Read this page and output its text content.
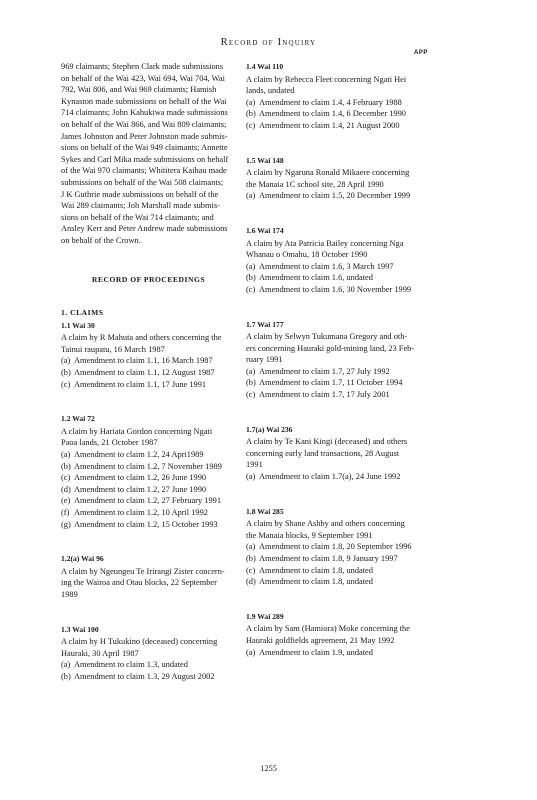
Record of Inquiry
APP
969 claimants; Stephen Clark made submissions
on behalf of the Wai 423, Wai 694, Wai 704, Wai
792, Wai 806, and Wai 969 claimants; Hamish
Kynaston made submissions on behalf of the Wai
714 claimants; John Kahukiwa made submissions
on behalf of the Wai 866, and Wai 809 claimants;
James Johnston and Peter Johnston made submis-
sions on behalf of the Wai 949 claimants; Annette
Sykes and Carl Mika made submissions on behalf
of the Wai 970 claimants; Whititera Kaihau made
submissions on behalf of the Wai 508 claimants;
J K Guthrie made submissions on behalf of the
Wai 289 claimants; Joh Marshall made submis-
sions on behalf of the Wai 714 claimants; and
Ansley Kerr and Peter Andrew made submissions
on behalf of the Crown.
RECORD OF PROCEEDINGS
1. CLAIMS
1.1 Wai 30
A claim by R Mahuta and others concerning the
Tainui raupatu, 16 March 1987
(a) Amendment to claim 1.1, 16 March 1987
(b) Amendment to claim 1.1, 12 August 1987
(c) Amendment to claim 1.1, 17 June 1991
1.2 Wai 72
A claim by Hariata Gordon concerning Ngati
Paoa lands, 21 October 1987
(a) Amendment to claim 1.2, 24 Apri1989
(b) Amendment to claim 1.2, 7 November 1989
(c) Amendment to claim 1.2, 26 June 1990
(d) Amendment to claim 1.2, 27 June 1990
(e) Amendment to claim 1.2, 27 February 1991
(f) Amendment to claim 1.2, 10 April 1992
(g) Amendment to claim 1.2, 15 October 1993
1.2(a) Wai 96
A claim by Ngeungeu Te Irirangi Zister concern-
ing the Wairoa and Otau blocks, 22 September
1989
1.3 Wai 100
A claim by H Tukukino (deceased) concerning
Hauraki, 30 April 1987
(a) Amendment to claim 1.3, undated
(b) Amendment to claim 1.3, 29 August 2002
1.4 Wai 110
A claim by Rebecca Fleet concerning Ngati Hei
lands, undated
(a) Amendment to claim 1.4, 4 February 1988
(b) Amendment to claim 1.4, 6 December 1990
(c) Amendment to claim 1.4, 21 August 2000
1.5 Wai 148
A claim by Ngaruna Ronald Mikaere concerning
the Manaia 1C school site, 28 April 1990
(a) Amendment to claim 1.5, 20 December 1999
1.6 Wai 174
A claim by Ata Patricia Bailey concerning Nga
Whanau o Omahu, 18 October 1990
(a) Amendment to claim 1.6, 3 March 1997
(b) Amendment to claim 1.6, undated
(c) Amendment to claim 1.6, 30 November 1999
1.7 Wai 177
A claim by Selwyn Tukumana Gregory and oth-
ers concerning Hauraki gold-mining land, 23 Feb-
ruary 1991
(a) Amendment to claim 1.7, 27 July 1992
(b) Amendment to claim 1.7, 11 October 1994
(c) Amendment to claim 1.7, 17 July 2001
1.7(a) Wai 236
A claim by Te Kani Kingi (deceased) and others
concerning early land transactions, 28 August
1991
(a) Amendment to claim 1.7(a), 24 June 1992
1.8 Wai 285
A claim by Shane Ashby and others concerning
the Manaia blocks, 9 September 1991
(a) Amendment to claim 1.8, 20 September 1996
(b) Amendment to claim 1.8, 9 January 1997
(c) Amendment to claim 1.8, undated
(d) Amendment to claim 1.8, undated
1.9 Wai 289
A claim by Sam (Hamiora) Moke concerning the
Hauraki goldfields agreement, 21 May 1992
(a) Amendment to claim 1.9, undated
1255
